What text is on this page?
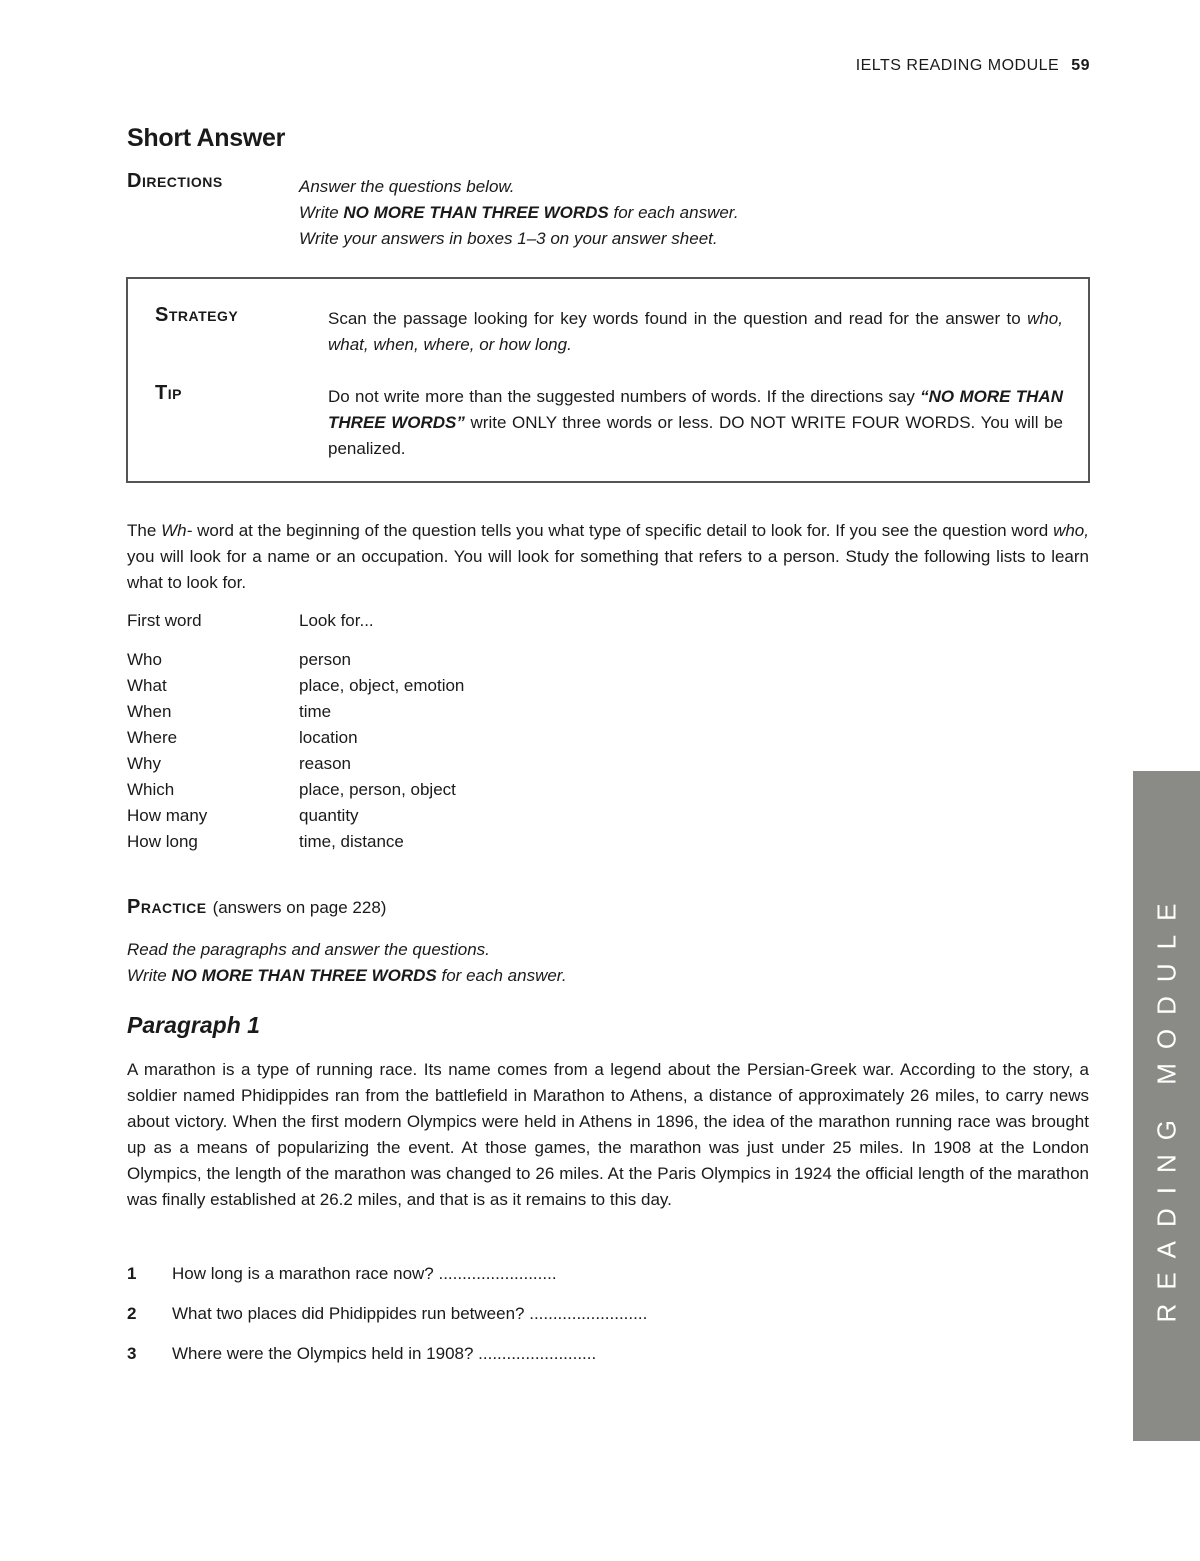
IELTS READING MODULE 59
READING MODULE
Short Answer
Directions	Answer the questions below.
Write NO MORE THAN THREE WORDS for each answer.
Write your answers in boxes 1–3 on your answer sheet.
Strategy	Scan the passage looking for key words found in the question and read for the answer to who, what, when, where, or how long.
Tip	Do not write more than the suggested numbers of words. If the directions say “NO MORE THAN THREE WORDS” write ONLY three words or less. DO NOT WRITE FOUR WORDS. You will be penalized.
The Wh- word at the beginning of the question tells you what type of specific detail to look for. If you see the question word who, you will look for a name or an occupation. You will look for something that refers to a person. Study the following lists to learn what to look for.
First word	Look for...
Who	person
What	place, object, emotion
When	time
Where	location
Why	reason
Which	place, person, object
How many	quantity
How long	time, distance
Practice (answers on page 228)
Read the paragraphs and answer the questions.
Write NO MORE THAN THREE WORDS for each answer.
Paragraph 1
A marathon is a type of running race. Its name comes from a legend about the Persian-Greek war. According to the story, a soldier named Phidippides ran from the battlefield in Marathon to Athens, a distance of approximately 26 miles, to carry news about victory. When the first modern Olympics were held in Athens in 1896, the idea of the marathon running race was brought up as a means of popularizing the event. At those games, the marathon was just under 25 miles. In 1908 at the London Olympics, the length of the marathon was changed to 26 miles. At the Paris Olympics in 1924 the official length of the marathon was finally established at 26.2 miles, and that is as it remains to this day.
1	How long is a marathon race now? .........................
2	What two places did Phidippides run between? .........................
3	Where were the Olympics held in 1908? .........................
